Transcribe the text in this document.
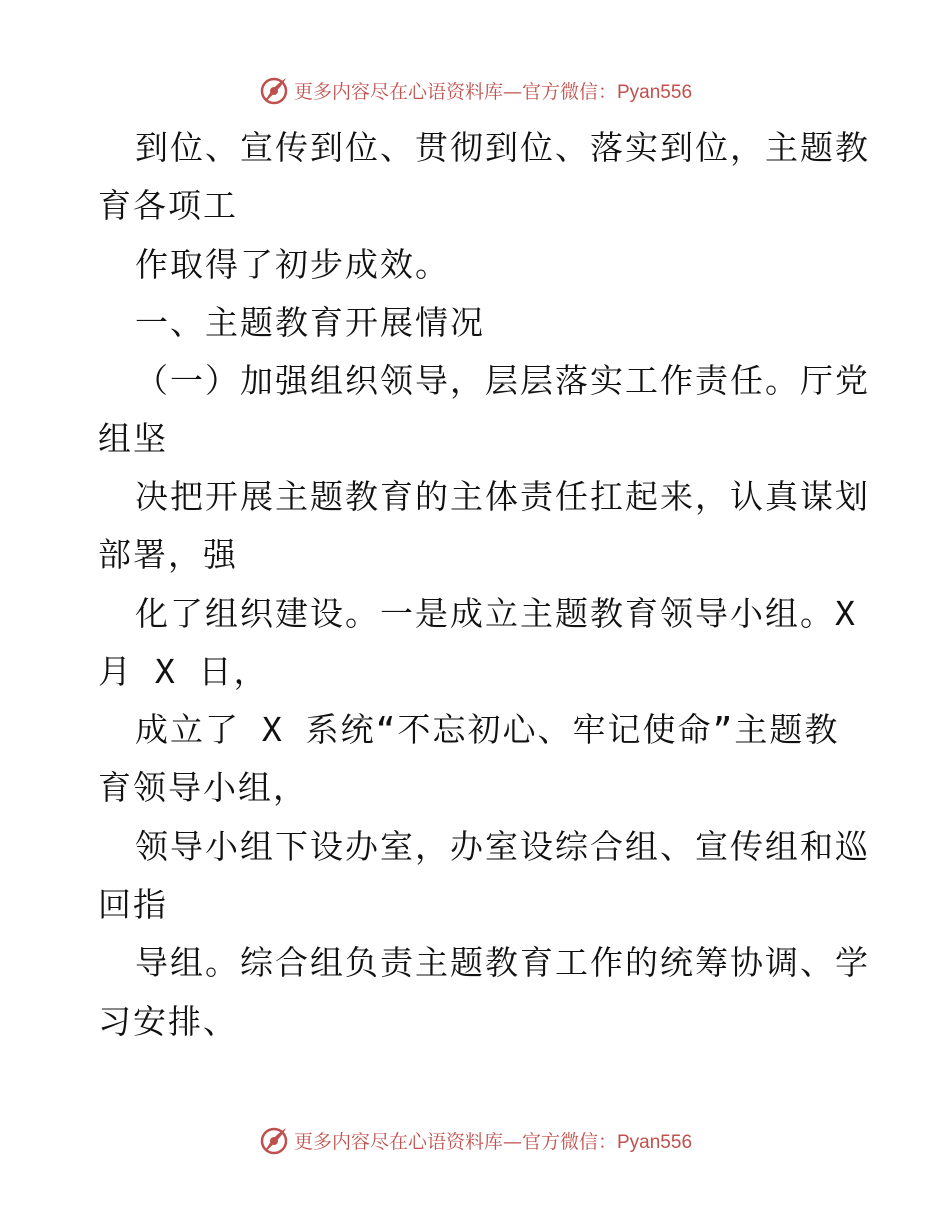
更多内容尽在心语资料库—官方微信：Pyan556
到位、宣传到位、贯彻到位、落实到位，主题教
育各项工
作取得了初步成效。
一、主题教育开展情况
（一）加强组织领导，层层落实工作责任。厅党
组坚
决把开展主题教育的主体责任扛起来，认真谋划
部署，强
化了组织建设。一是成立主题教育领导小组。X
月 X 日，
成立了 X 系统“不忘初心、牢记使命”主题教
育领导小组，
领导小组下设办室，办室设综合组、宣传组和巡
回指
导组。综合组负责主题教育工作的统筹协调、学
习安排、
更多内容尽在心语资料库—官方微信：Pyan556
